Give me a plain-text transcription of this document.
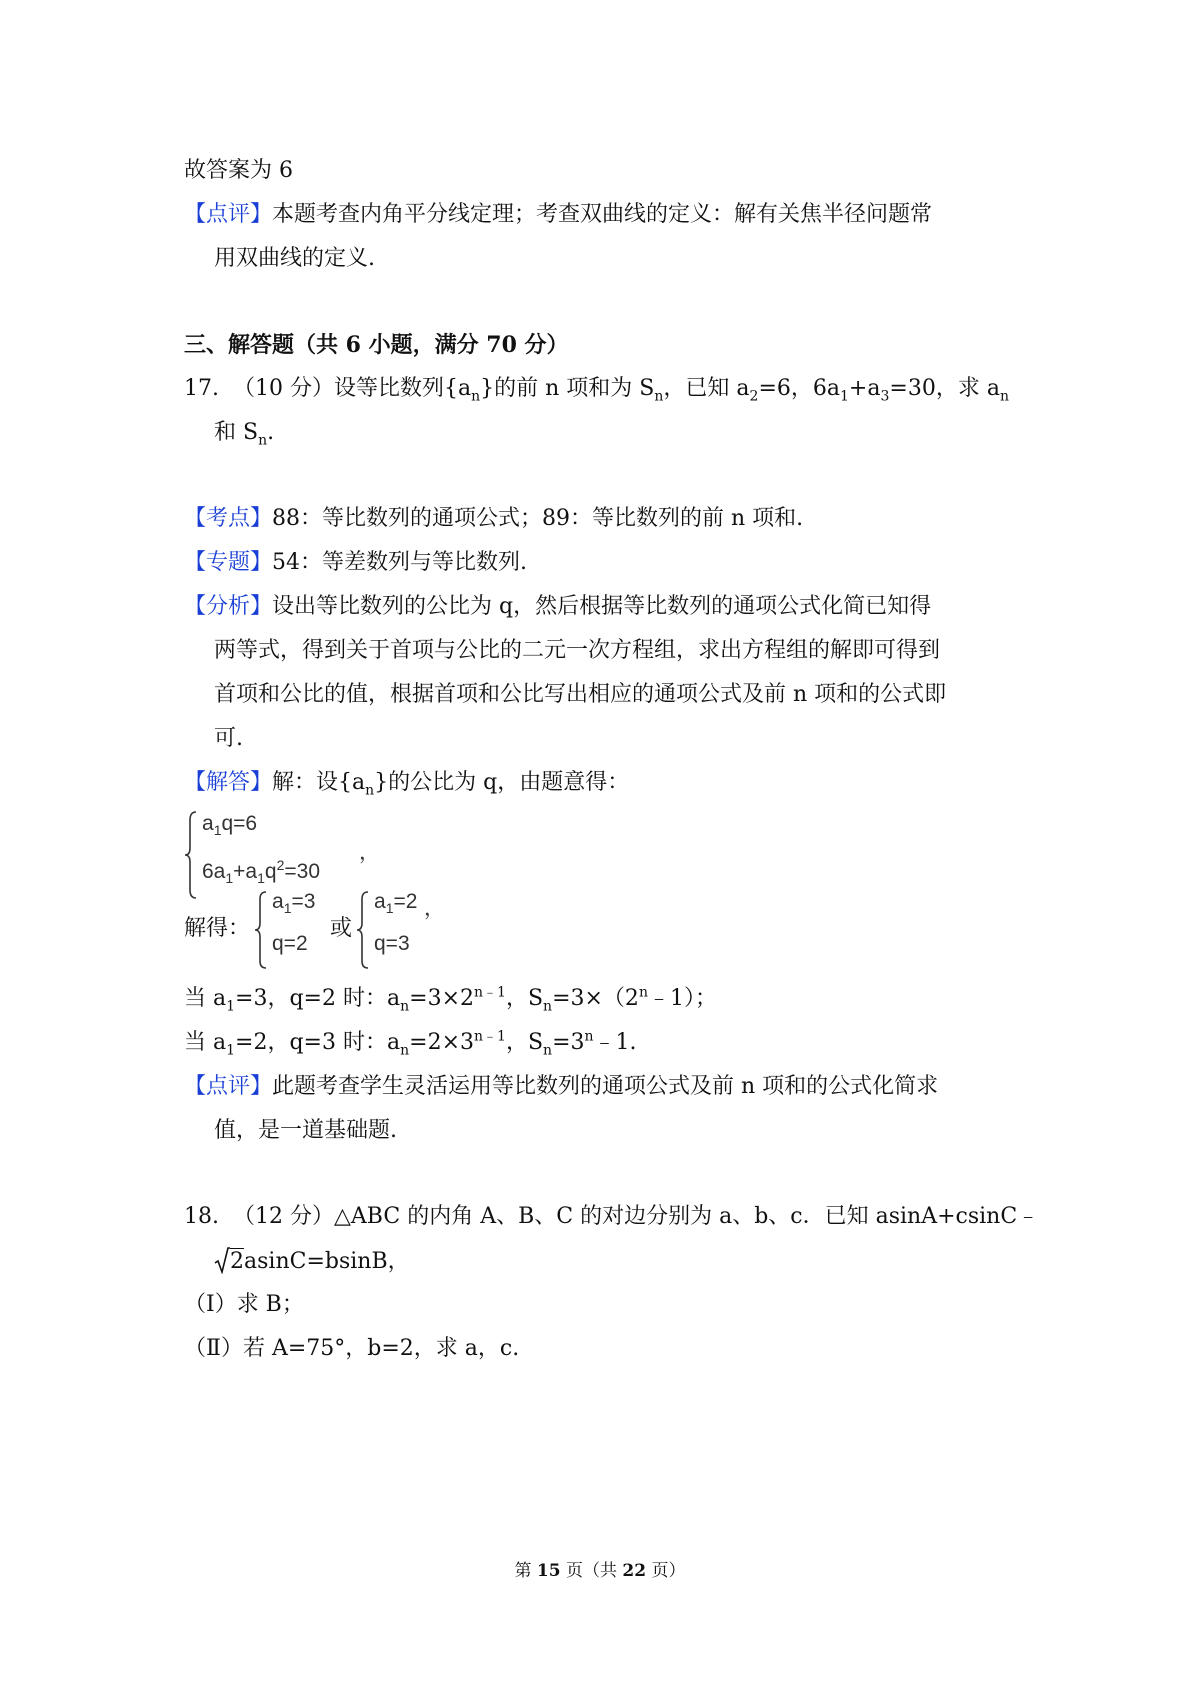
故答案为 6
【点评】本题考查内角平分线定理；考查双曲线的定义：解有关焦半径问题常
用双曲线的定义.
三、解答题（共 6 小题，满分 70 分）
17. （10 分）设等比数列$\{a_n\}$的前 n 项和为 $S_n$，已知 $a_2=6$，$6a_1+a_3=30$，求 $a_n$
和 $S_n$.
【考点】88：等比数列的通项公式；89：等比数列的前 n 项和.
【专题】54：等差数列与等比数列.
【分析】设出等比数列的公比为 q，然后根据等比数列的通项公式化简已知得
两等式，得到关于首项与公比的二元一次方程组，求出方程组的解即可得到
首项和公比的值，根据首项和公比写出相应的通项公式及前 n 项和的公式即
可.
【解答】解：设$\{a_n\}$的公比为 q，由题意得：
$a_1q=6$
$6a_1+a_1q^2=30$
，
解得：
$a_1=3$
q=2
或
$a_1=2$
q=3
，
当 $a_1=3$，q=2 时：$a_n=3\times 2^{n﹣1}$，$S_n=3\times(2^n﹣1)$；
当 $a_1=2$，q=3 时：$a_n=2\times 3^{n﹣1}$，$S_n=3^n﹣1$.
【点评】此题考查学生灵活运用等比数列的通项公式及前 n 项和的公式化简求
值，是一道基础题.
18. （12 分）△ABC 的内角 A、B、C 的对边分别为 a、b、c．已知 asinA+csinC﹣
2asinC=bsinB，
（Ⅰ）求 B；
（Ⅱ）若 A=75°，b=2，求 a，c.
第 15 页（共 22 页）
